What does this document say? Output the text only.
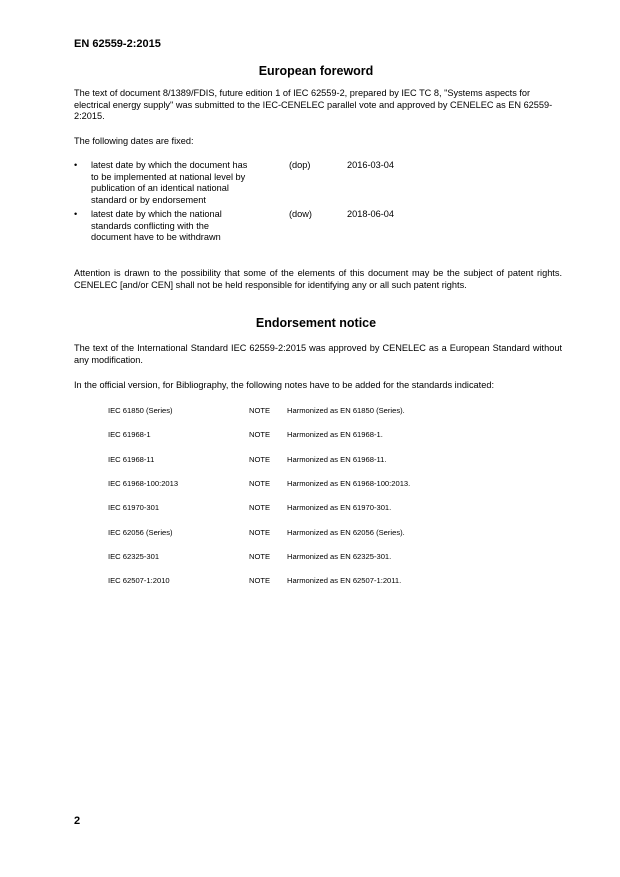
EN 62559-2:2015
European foreword
The text of document 8/1389/FDIS, future edition 1 of IEC 62559-2, prepared by IEC TC 8, "Systems aspects for electrical energy supply" was submitted to the IEC-CENELEC parallel vote and approved by CENELEC as EN 62559-2:2015.
The following dates are fixed:
•	latest date by which the document has
to be implemented at national level by
publication of an identical national
standard or by endorsement
(dop)	2016-03-04
•	latest date by which the national
standards conflicting with the
document have to be withdrawn
(dow)	2018-06-04
Attention is drawn to the possibility that some of the elements of this document may be the subject of patent rights. CENELEC [and/or CEN] shall not be held responsible for identifying any or all such patent rights.
Endorsement notice
The text of the International Standard IEC 62559-2:2015 was approved by CENELEC as a European Standard without any modification.
In the official version, for Bibliography, the following notes have to be added for the standards indicated:
IEC 61850 (Series)	NOTE Harmonized as EN 61850 (Series).
IEC 61968-1	NOTE Harmonized as EN 61968-1.
IEC 61968-11	NOTE Harmonized as EN 61968-11.
IEC 61968-100:2013	NOTE Harmonized as EN 61968-100:2013.
IEC 61970-301	NOTE Harmonized as EN 61970-301.
IEC 62056 (Series)	NOTE Harmonized as EN 62056 (Series).
IEC 62325-301	NOTE Harmonized as EN 62325-301.
IEC 62507-1:2010	NOTE Harmonized as EN 62507-1:2011.
2
